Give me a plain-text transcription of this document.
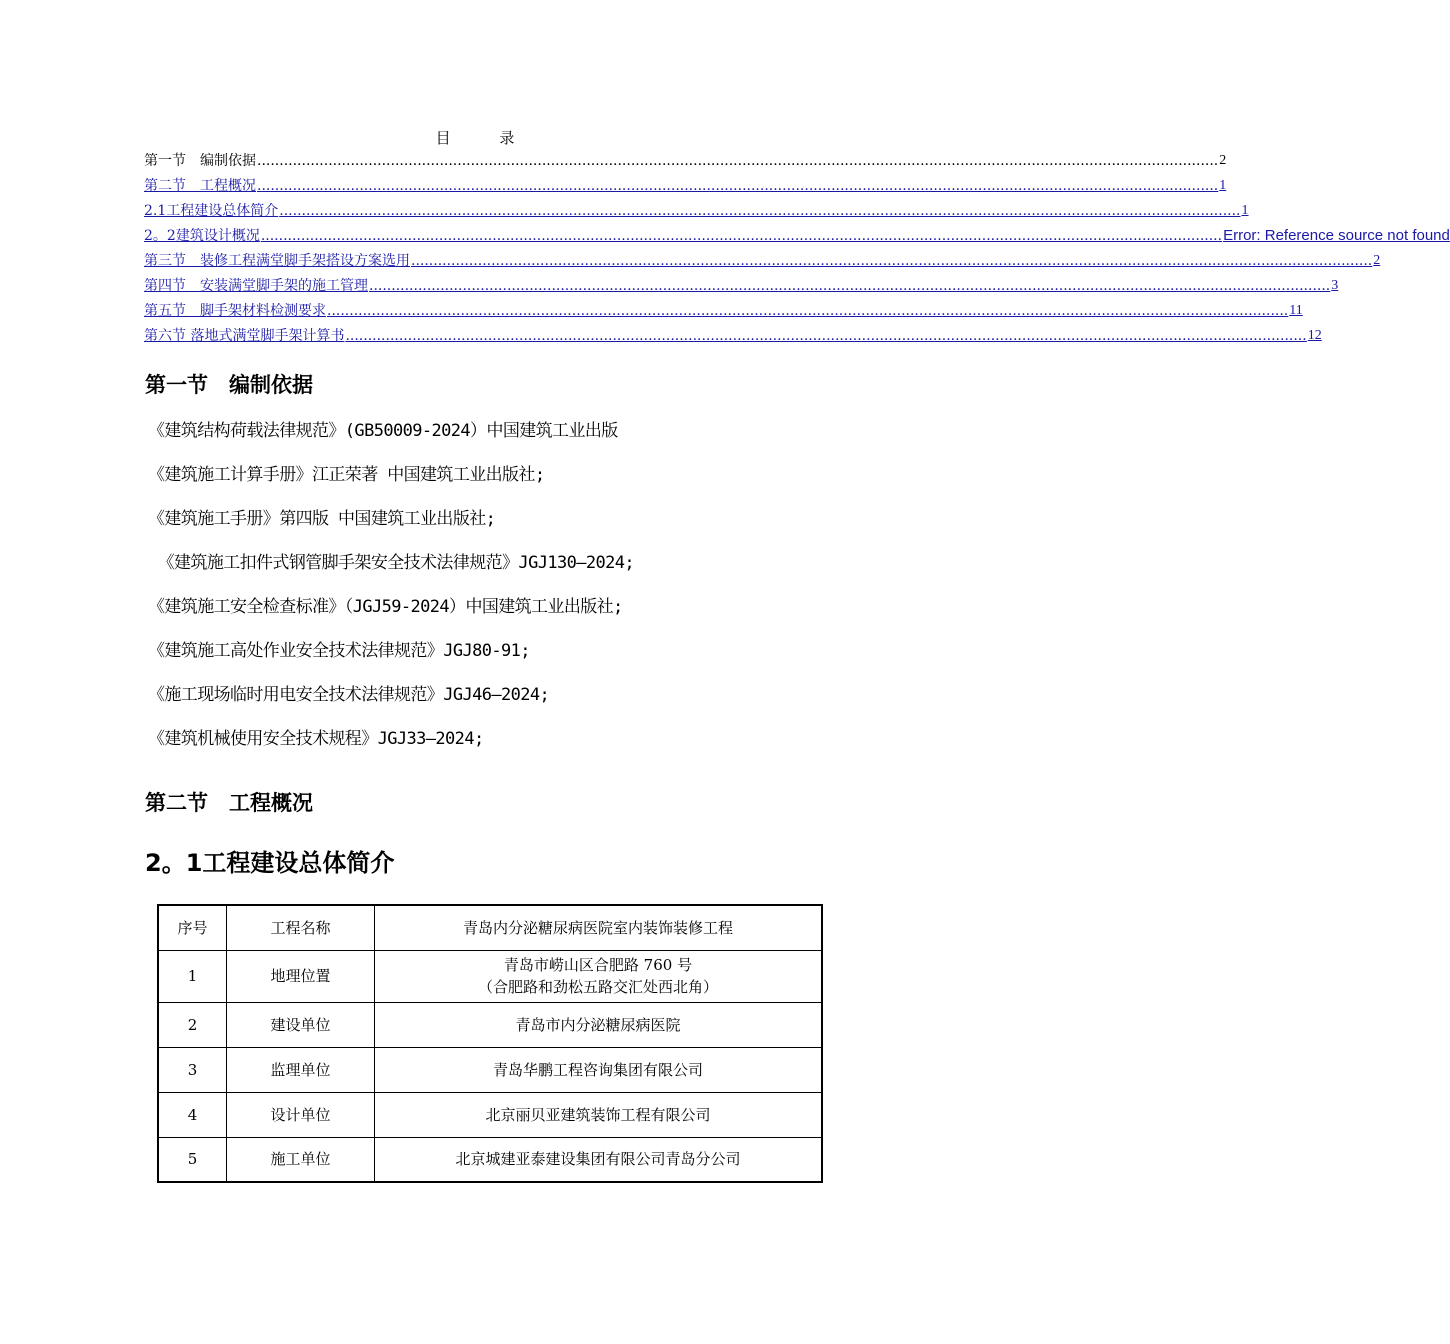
目	录
第一节　编制依据 ........................................................................................................................................................................................................................ 2
第二节　工程概况 ........................................................................................................................................................................................................................ 1
2.1工程建设总体简介 ........................................................................................................................................................................................................................ 1
2。2建筑设计概况 ........................................................................................................................................................................................................................ Error: Reference source not found
第三节　装修工程满堂脚手架搭设方案选用 ........................................................................................................................................................................................................................ 2
第四节　安装满堂脚手架的施工管理 ........................................................................................................................................................................................................................ 3
第五节　脚手架材料检测要求 ........................................................................................................................................................................................................................ 11
第六节 落地式满堂脚手架计算书 ........................................................................................................................................................................................................................ 12
第一节　编制依据
《建筑结构荷载法律规范》(GB50009-2024）中国建筑工业出版
《建筑施工计算手册》江正荣著 中国建筑工业出版社;
《建筑施工手册》第四版 中国建筑工业出版社;
《建筑施工扣件式钢管脚手架安全技术法律规范》JGJ130—2024;
《建筑施工安全检查标准》（JGJ59-2024）中国建筑工业出版社;
《建筑施工高处作业安全技术法律规范》JGJ80-91;
《施工现场临时用电安全技术法律规范》JGJ46—2024;
《建筑机械使用安全技术规程》JGJ33—2024;
第二节　工程概况
2。1工程建设总体简介
序号	工程名称	青岛内分泌糖尿病医院室内装饰装修工程
1	地理位置	青岛市崂山区合肥路 760 号
（合肥路和劲松五路交汇处西北角）

2	建设单位	青岛市内分泌糖尿病医院
3	监理单位	青岛华鹏工程咨询集团有限公司
4	设计单位	北京丽贝亚建筑装饰工程有限公司
5	施工单位	北京城建亚泰建设集团有限公司青岛分公司
